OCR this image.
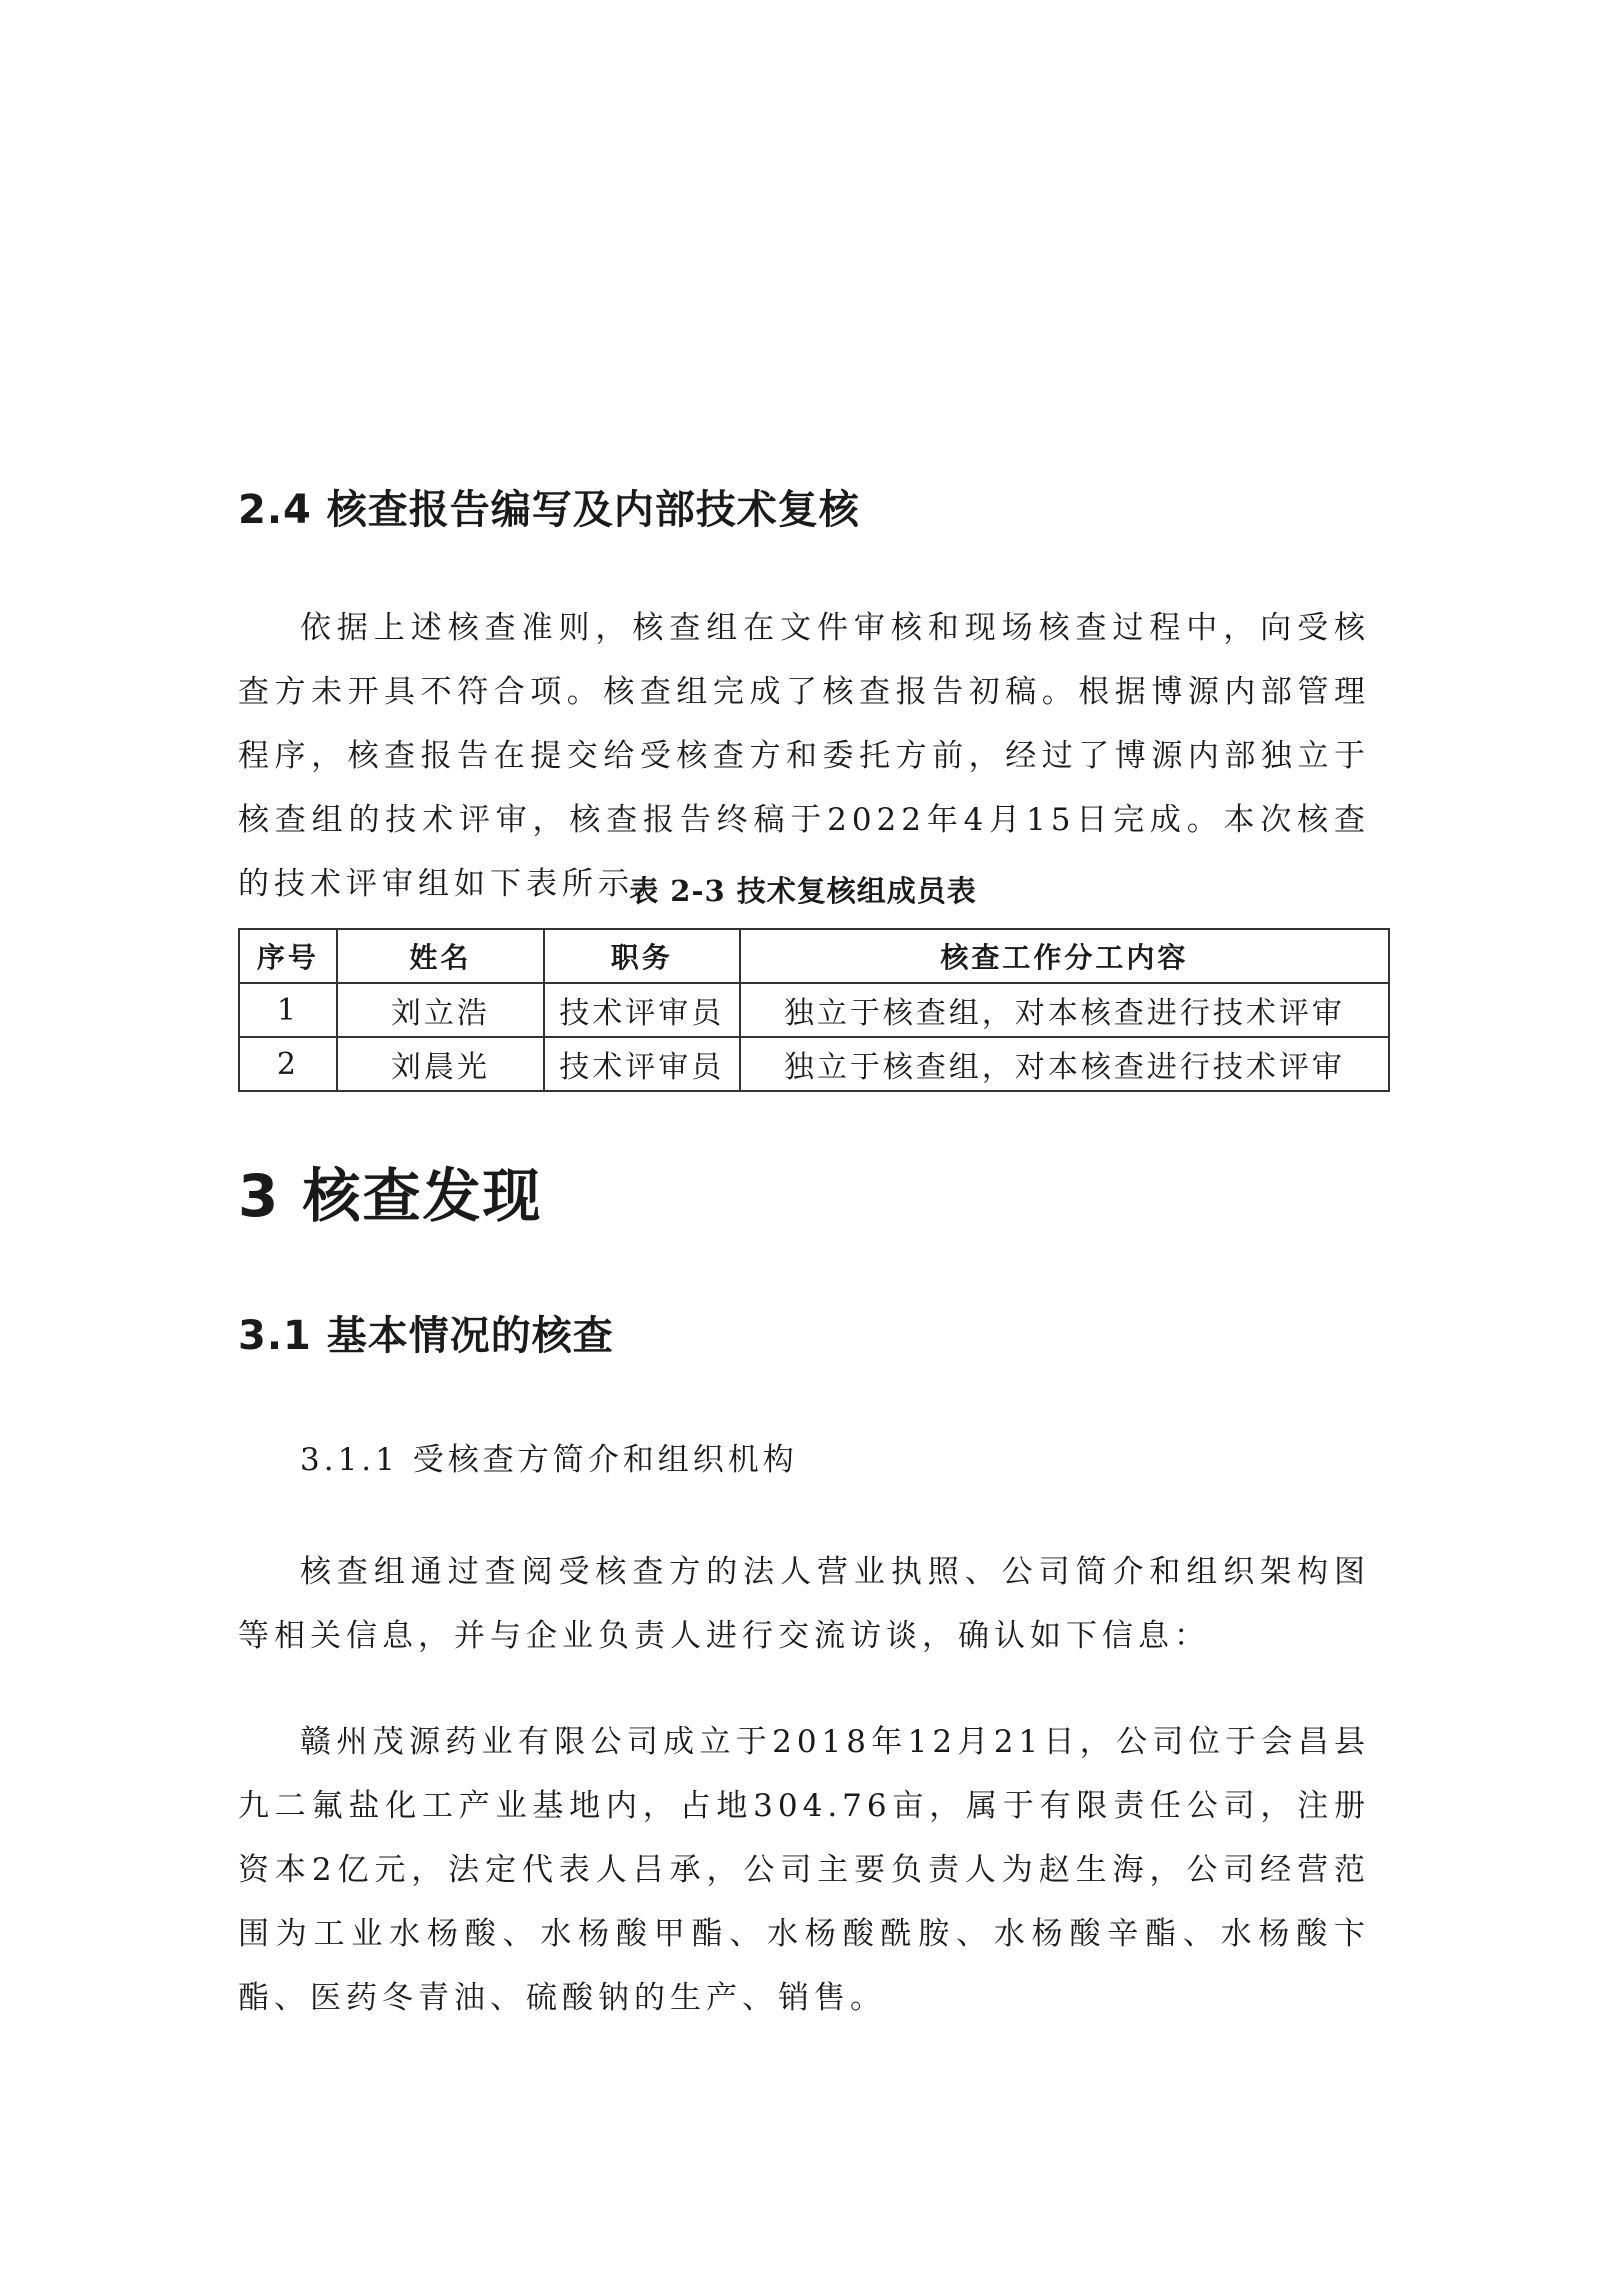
2.4 核查报告编写及内部技术复核

依据上述核查准则，核查组在文件审核和现场核查过程中，向受核查方未开具不符合项。核查组完成了核查报告初稿。根据博源内部管理程序，核查报告在提交给受核查方和委托方前，经过了博源内部独立于核查组的技术评审，核查报告终稿于2022年4月15日完成。本次核查的技术评审组如下表所示。

表 2-3 技术复核组成员表
序号	姓名	职务	核查工作分工内容
1	刘立浩	技术评审员	独立于核查组，对本核查进行技术评审
2	刘晨光	技术评审员	独立于核查组，对本核查进行技术评审
3 核查发现
3.1 基本情况的核查
3.1.1 受核查方简介和组织机构

核查组通过查阅受核查方的法人营业执照、公司简介和组织架构图等相关信息，并与企业负责人进行交流访谈，确认如下信息：

赣州茂源药业有限公司成立于2018年12月21日，公司位于会昌县九二氟盐化工产业基地内，占地304.76亩，属于有限责任公司，注册资本2亿元，法定代表人吕承，公司主要负责人为赵生海，公司经营范围为工业水杨酸、水杨酸甲酯、水杨酸酰胺、水杨酸辛酯、水杨酸卞酯、医药冬青油、硫酸钠的生产、销售。
